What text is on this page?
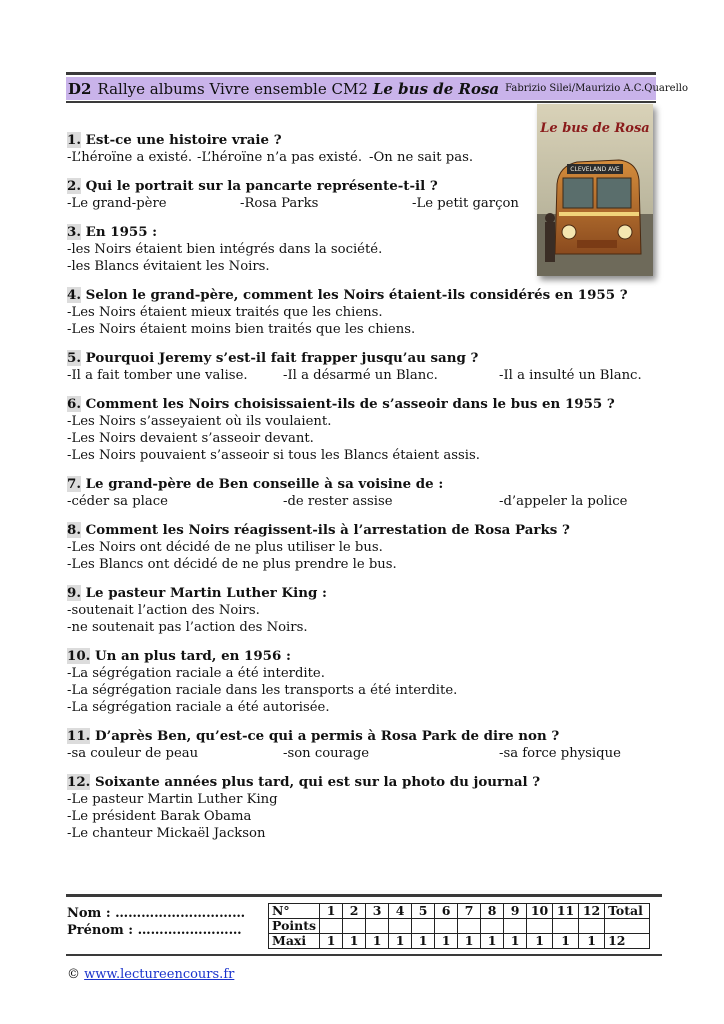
D2 Rallye albums Vivre ensemble CM2 Le bus de Rosa Fabrizio Silei/Maurizio A.C.Quarello
Le bus de Rosa
CLEVELAND AVE
1. Est-ce une histoire vraie ?
-L’héroïne a existé. -L’héroïne n’a pas existé. -On ne sait pas.
2. Qui le portrait sur la pancarte représente-t-il ?
-Le grand-père	-Rosa Parks	-Le petit garçon
3. En 1955 :
-les Noirs étaient bien intégrés dans la société.
-les Blancs évitaient les Noirs.
4. Selon le grand-père, comment les Noirs étaient-ils considérés en 1955 ?
-Les Noirs étaient mieux traités que les chiens.
-Les Noirs étaient moins bien traités que les chiens.
5. Pourquoi Jeremy s’est-il fait frapper jusqu’au sang ?
-Il a fait tomber une valise.	-Il a désarmé un Blanc.	-Il a insulté un Blanc.
6. Comment les Noirs choisissaient-ils de s’asseoir dans le bus en 1955 ?
-Les Noirs s’asseyaient où ils voulaient.
-Les Noirs devaient s’asseoir devant.
-Les Noirs pouvaient s’asseoir si tous les Blancs étaient assis.
7. Le grand-père de Ben conseille à sa voisine de :
-céder sa place	-de rester assise	-d’appeler la police
8. Comment les Noirs réagissent-ils à l’arrestation de Rosa Parks ?
-Les Noirs ont décidé de ne plus utiliser le bus.
-Les Blancs ont décidé de ne plus prendre le bus.
9. Le pasteur Martin Luther King :
-soutenait l’action des Noirs.
-ne soutenait pas l’action des Noirs.
10. Un an plus tard, en 1956 :
-La ségrégation raciale a été interdite.
-La ségrégation raciale dans les transports a été interdite.
-La ségrégation raciale a été autorisée.
11. D’après Ben, qu’est-ce qui a permis à Rosa Park de dire non ?
-sa couleur de peau	-son courage	-sa force physique
12. Soixante années plus tard, qui est sur la photo du journal ?
-Le pasteur Martin Luther King
-Le président Barak Obama
-Le chanteur Mickaël Jackson
Nom : …………………………
Prénom : ……………………
N°	1	2	3	4	5	6	7	8	9	10	11	12	Total
Points													
Maxi	1	1	1	1	1	1	1	1	1	1	1	1	12
© www.lectureencours.fr
